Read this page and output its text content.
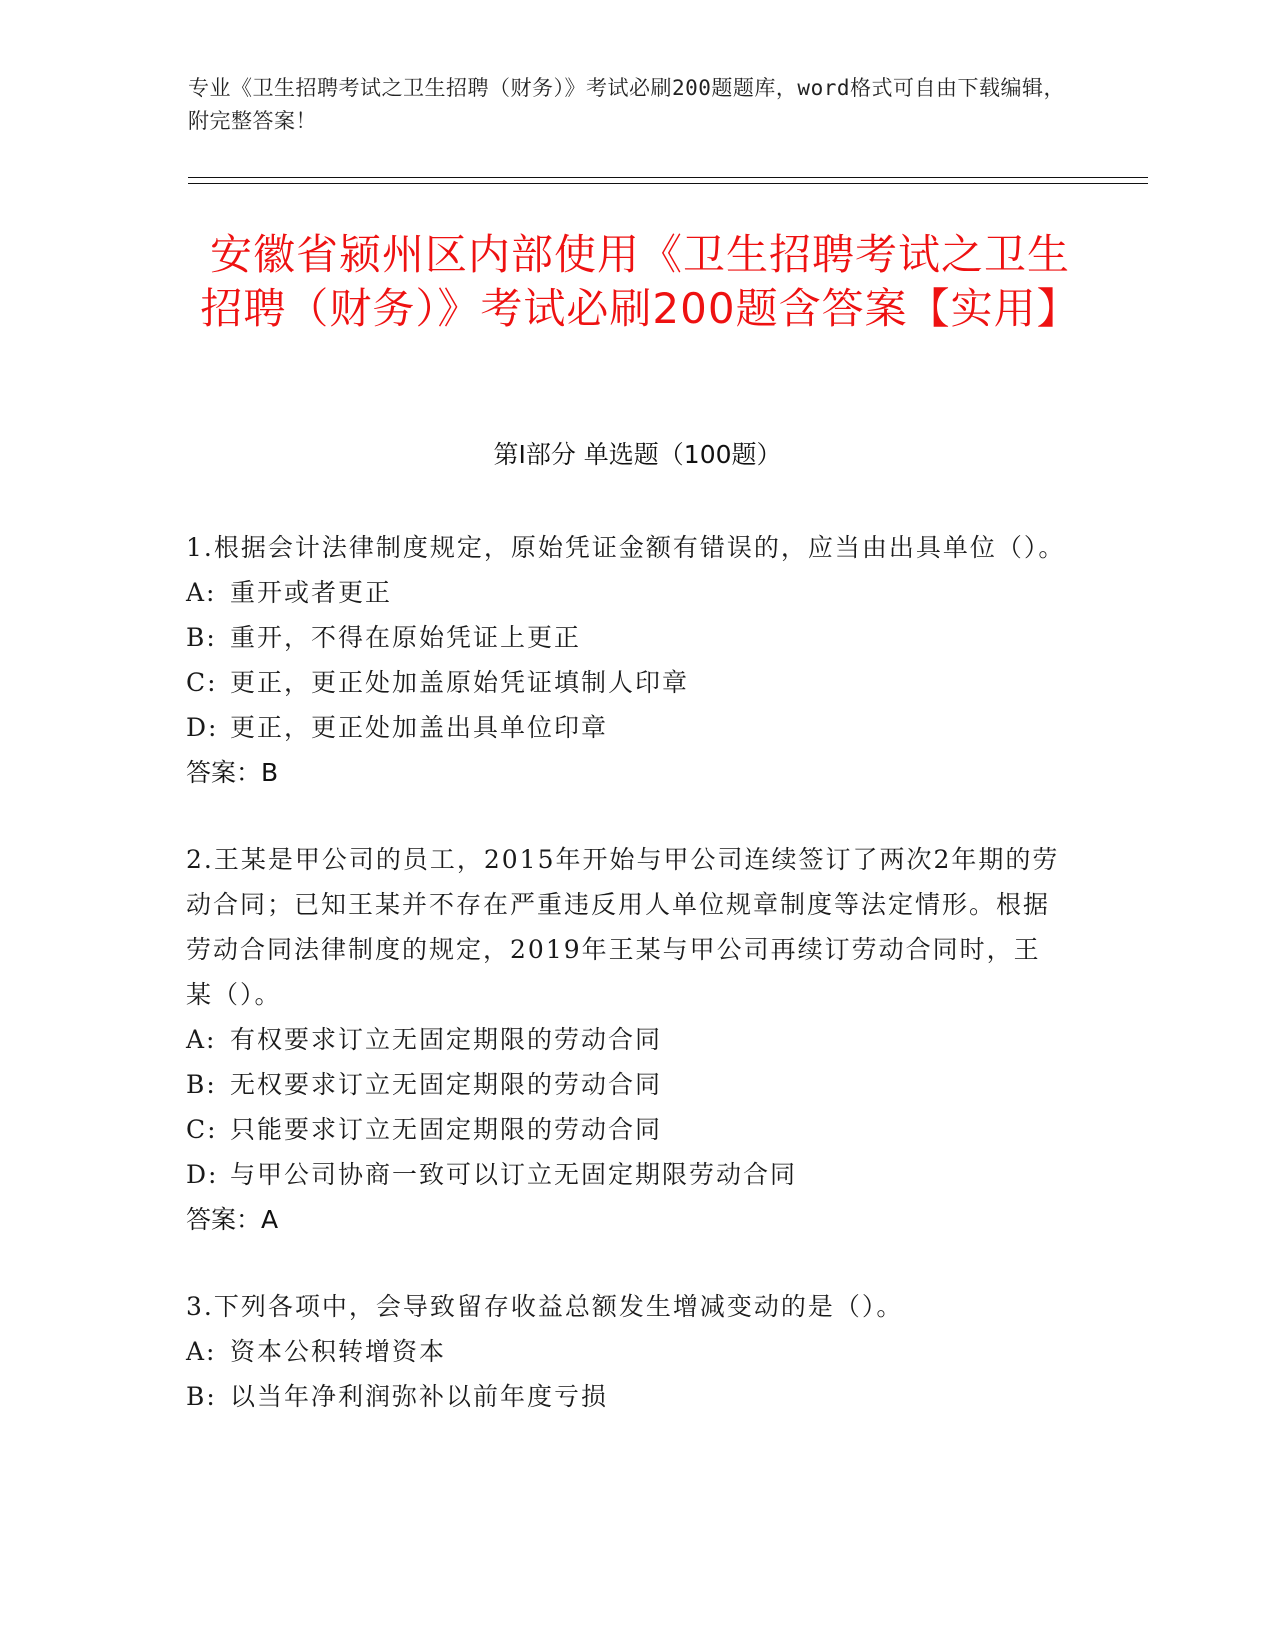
专业《卫生招聘考试之卫生招聘（财务）》考试必刷200题题库，word格式可自由下载编辑，附完整答案！
安徽省颍州区内部使用《卫生招聘考试之卫生招聘（财务）》考试必刷200题含答案【实用】
第I部分 单选题（100题）
1.根据会计法律制度规定，原始凭证金额有错误的，应当由出具单位（）。
A: 重开或者更正
B: 重开，不得在原始凭证上更正
C: 更正，更正处加盖原始凭证填制人印章
D: 更正，更正处加盖出具单位印章
答案：B
2.王某是甲公司的员工，2015年开始与甲公司连续签订了两次2年期的劳动合同；已知王某并不存在严重违反用人单位规章制度等法定情形。根据劳动合同法律制度的规定，2019年王某与甲公司再续订劳动合同时，王某（）。
A: 有权要求订立无固定期限的劳动合同
B: 无权要求订立无固定期限的劳动合同
C: 只能要求订立无固定期限的劳动合同
D: 与甲公司协商一致可以订立无固定期限劳动合同
答案：A
3.下列各项中，会导致留存收益总额发生增减变动的是（）。
A: 资本公积转增资本
B: 以当年净利润弥补以前年度亏损
